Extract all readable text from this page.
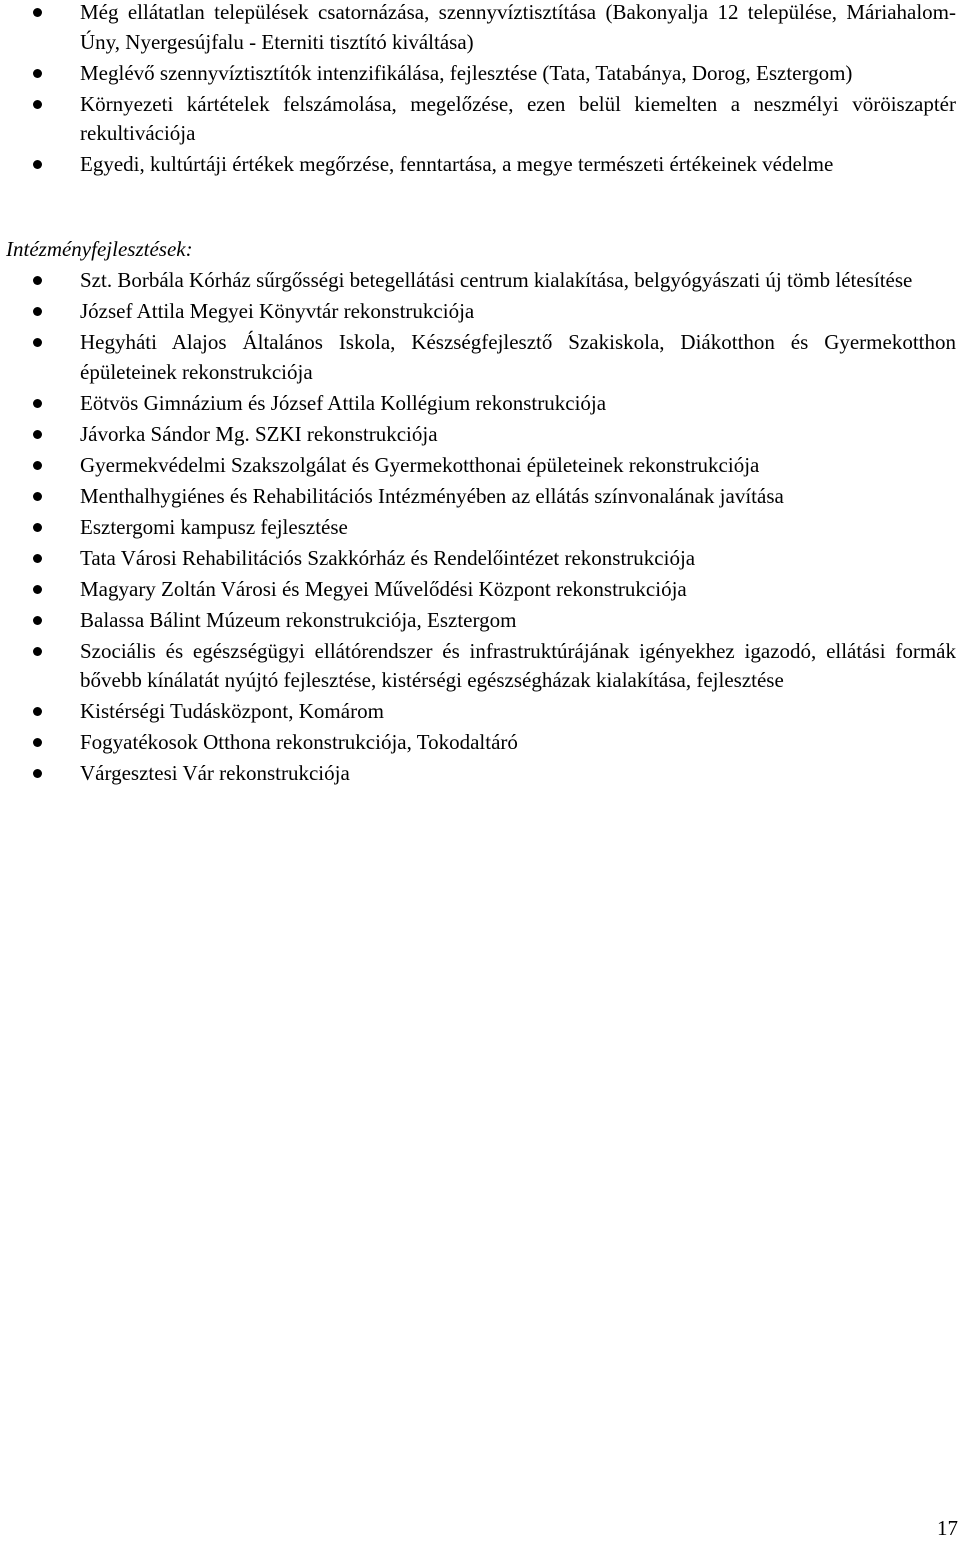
Még ellátatlan települések csatornázása, szennyvíztisztítása (Bakonyalja 12 települése, Máriahalom-Úny, Nyergesújfalu - Eterniti tisztító kiváltása)
Meglévő szennyvíztisztítók intenzifikálása, fejlesztése (Tata, Tatabánya, Dorog, Esztergom)
Környezeti kártételek felszámolása, megelőzése, ezen belül kiemelten a neszmélyi vöröiszaptér rekultivációja
Egyedi, kultúrtáji értékek megőrzése, fenntartása, a megye természeti értékeinek védelme
Intézményfejlesztések:
Szt. Borbála Kórház sűrgősségi betegellátási centrum kialakítása, belgyógyászati új tömb létesítése
József Attila Megyei Könyvtár rekonstrukciója
Hegyháti Alajos Általános Iskola, Készségfejlesztő Szakiskola, Diákotthon és Gyermekotthon épületeinek rekonstrukciója
Eötvös Gimnázium és József Attila Kollégium rekonstrukciója
Jávorka Sándor Mg. SZKI rekonstrukciója
Gyermekvédelmi Szakszolgálat és Gyermekotthonai épületeinek rekonstrukciója
Menthalhygiénes és Rehabilitációs Intézményében az ellátás színvonalának javítása
Esztergomi kampusz fejlesztése
Tata Városi Rehabilitációs Szakkórház és Rendelőintézet rekonstrukciója
Magyary Zoltán Városi és Megyei Művelődési Központ rekonstrukciója
Balassa Bálint Múzeum rekonstrukciója, Esztergom
Szociális és egészségügyi ellátórendszer és infrastruktúrájának igényekhez igazodó, ellátási formák bővebb kínálatát nyújtó fejlesztése, kistérségi egészségházak kialakítása, fejlesztése
Kistérségi Tudásközpont, Komárom
Fogyatékosok Otthona rekonstrukciója, Tokodaltáró
Várgesztesi Vár rekonstrukciója
17
